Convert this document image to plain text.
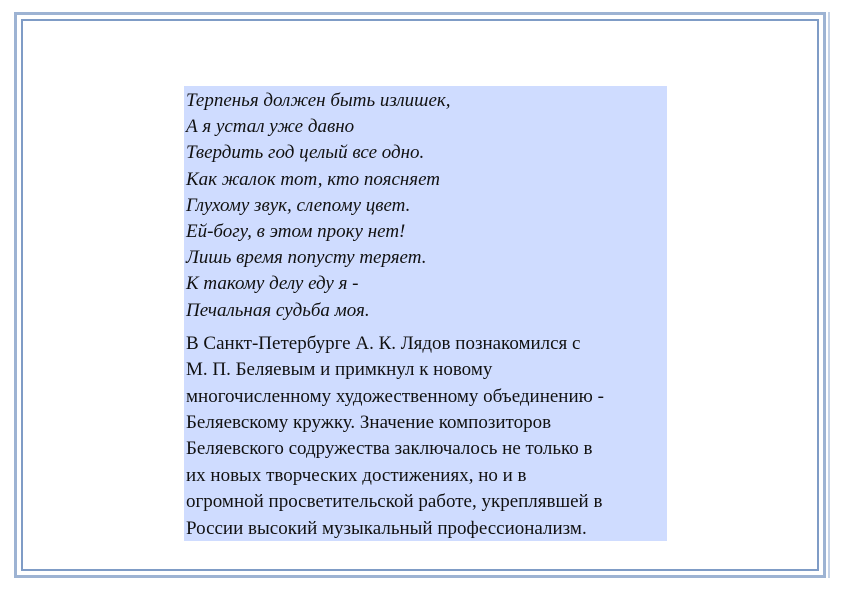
Терпенья должен быть излишек,
А я устал уже давно
Твердить год целый все одно.
Как жалок тот, кто поясняет
Глухому звук, слепому цвет.
Ей-богу, в этом проку нет!
Лишь время попусту теряет.
К такому делу еду я -
Печальная судьба моя.
В Санкт-Петербурге А. К. Лядов познакомился с
М. П. Беляевым и примкнул к новому
многочисленному художественному объединению -
Беляевскому кружку. Значение композиторов
Беляевского содружества заключалось не только в
их новых творческих достижениях, но и в
огромной просветительской работе, укреплявшей в
России высокий музыкальный профессионализм.
